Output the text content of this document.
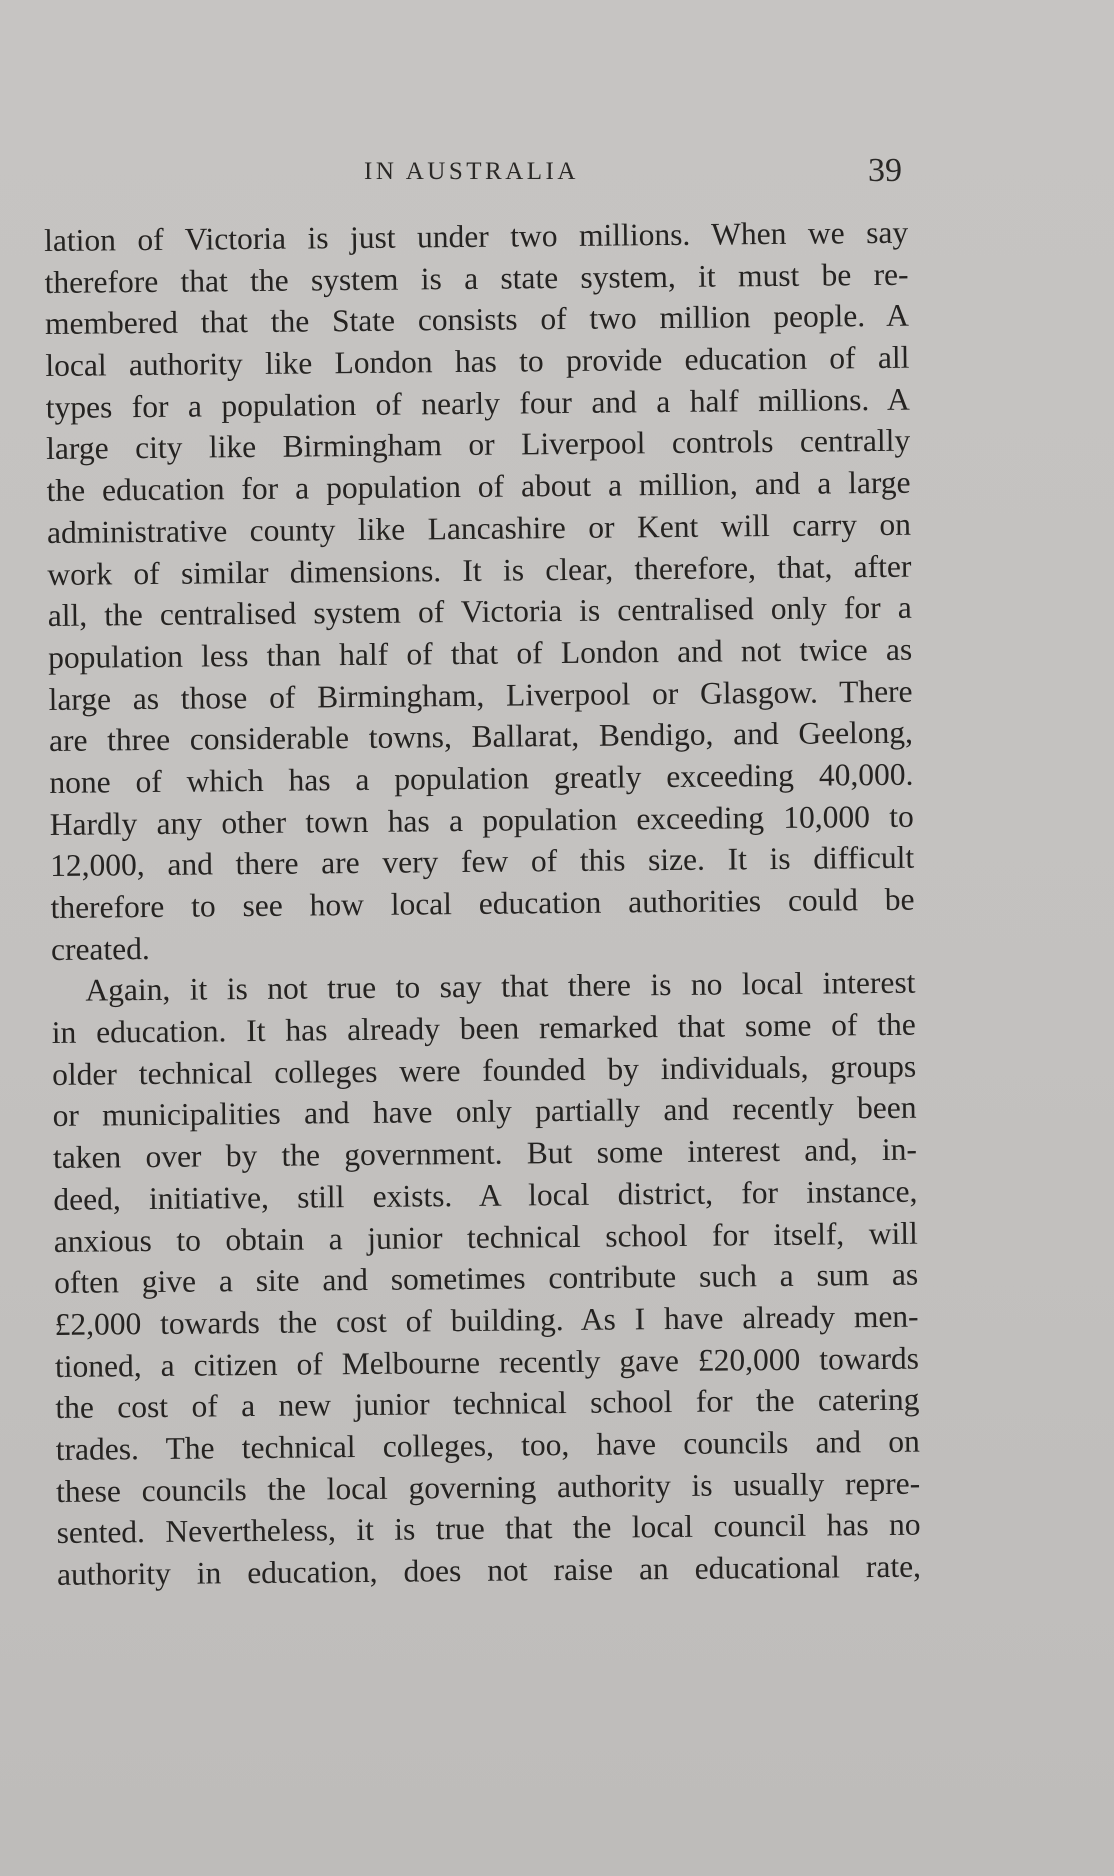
IN AUSTRALIA	39
lation of Victoria is just under two millions. When we say
therefore that the system is a state system, it must be re-
membered that the State consists of two million people. A
local authority like London has to provide education of all
types for a population of nearly four and a half millions. A
large city like Birmingham or Liverpool controls centrally
the education for a population of about a million, and a large
administrative county like Lancashire or Kent will carry on
work of similar dimensions. It is clear, therefore, that, after
all, the centralised system of Victoria is centralised only for a
population less than half of that of London and not twice as
large as those of Birmingham, Liverpool or Glasgow. There
are three considerable towns, Ballarat, Bendigo, and Geelong,
none of which has a population greatly exceeding 40,000.
Hardly any other town has a population exceeding 10,000 to
12,000, and there are very few of this size. It is difficult
therefore to see how local education authorities could be
created.
Again, it is not true to say that there is no local interest
in education. It has already been remarked that some of the
older technical colleges were founded by individuals, groups
or municipalities and have only partially and recently been
taken over by the government. But some interest and, in-
deed, initiative, still exists. A local district, for instance,
anxious to obtain a junior technical school for itself, will
often give a site and sometimes contribute such a sum as
£2,000 towards the cost of building. As I have already men-
tioned, a citizen of Melbourne recently gave £20,000 towards
the cost of a new junior technical school for the catering
trades. The technical colleges, too, have councils and on
these councils the local governing authority is usually repre-
sented. Nevertheless, it is true that the local council has no
authority in education, does not raise an educational rate,
